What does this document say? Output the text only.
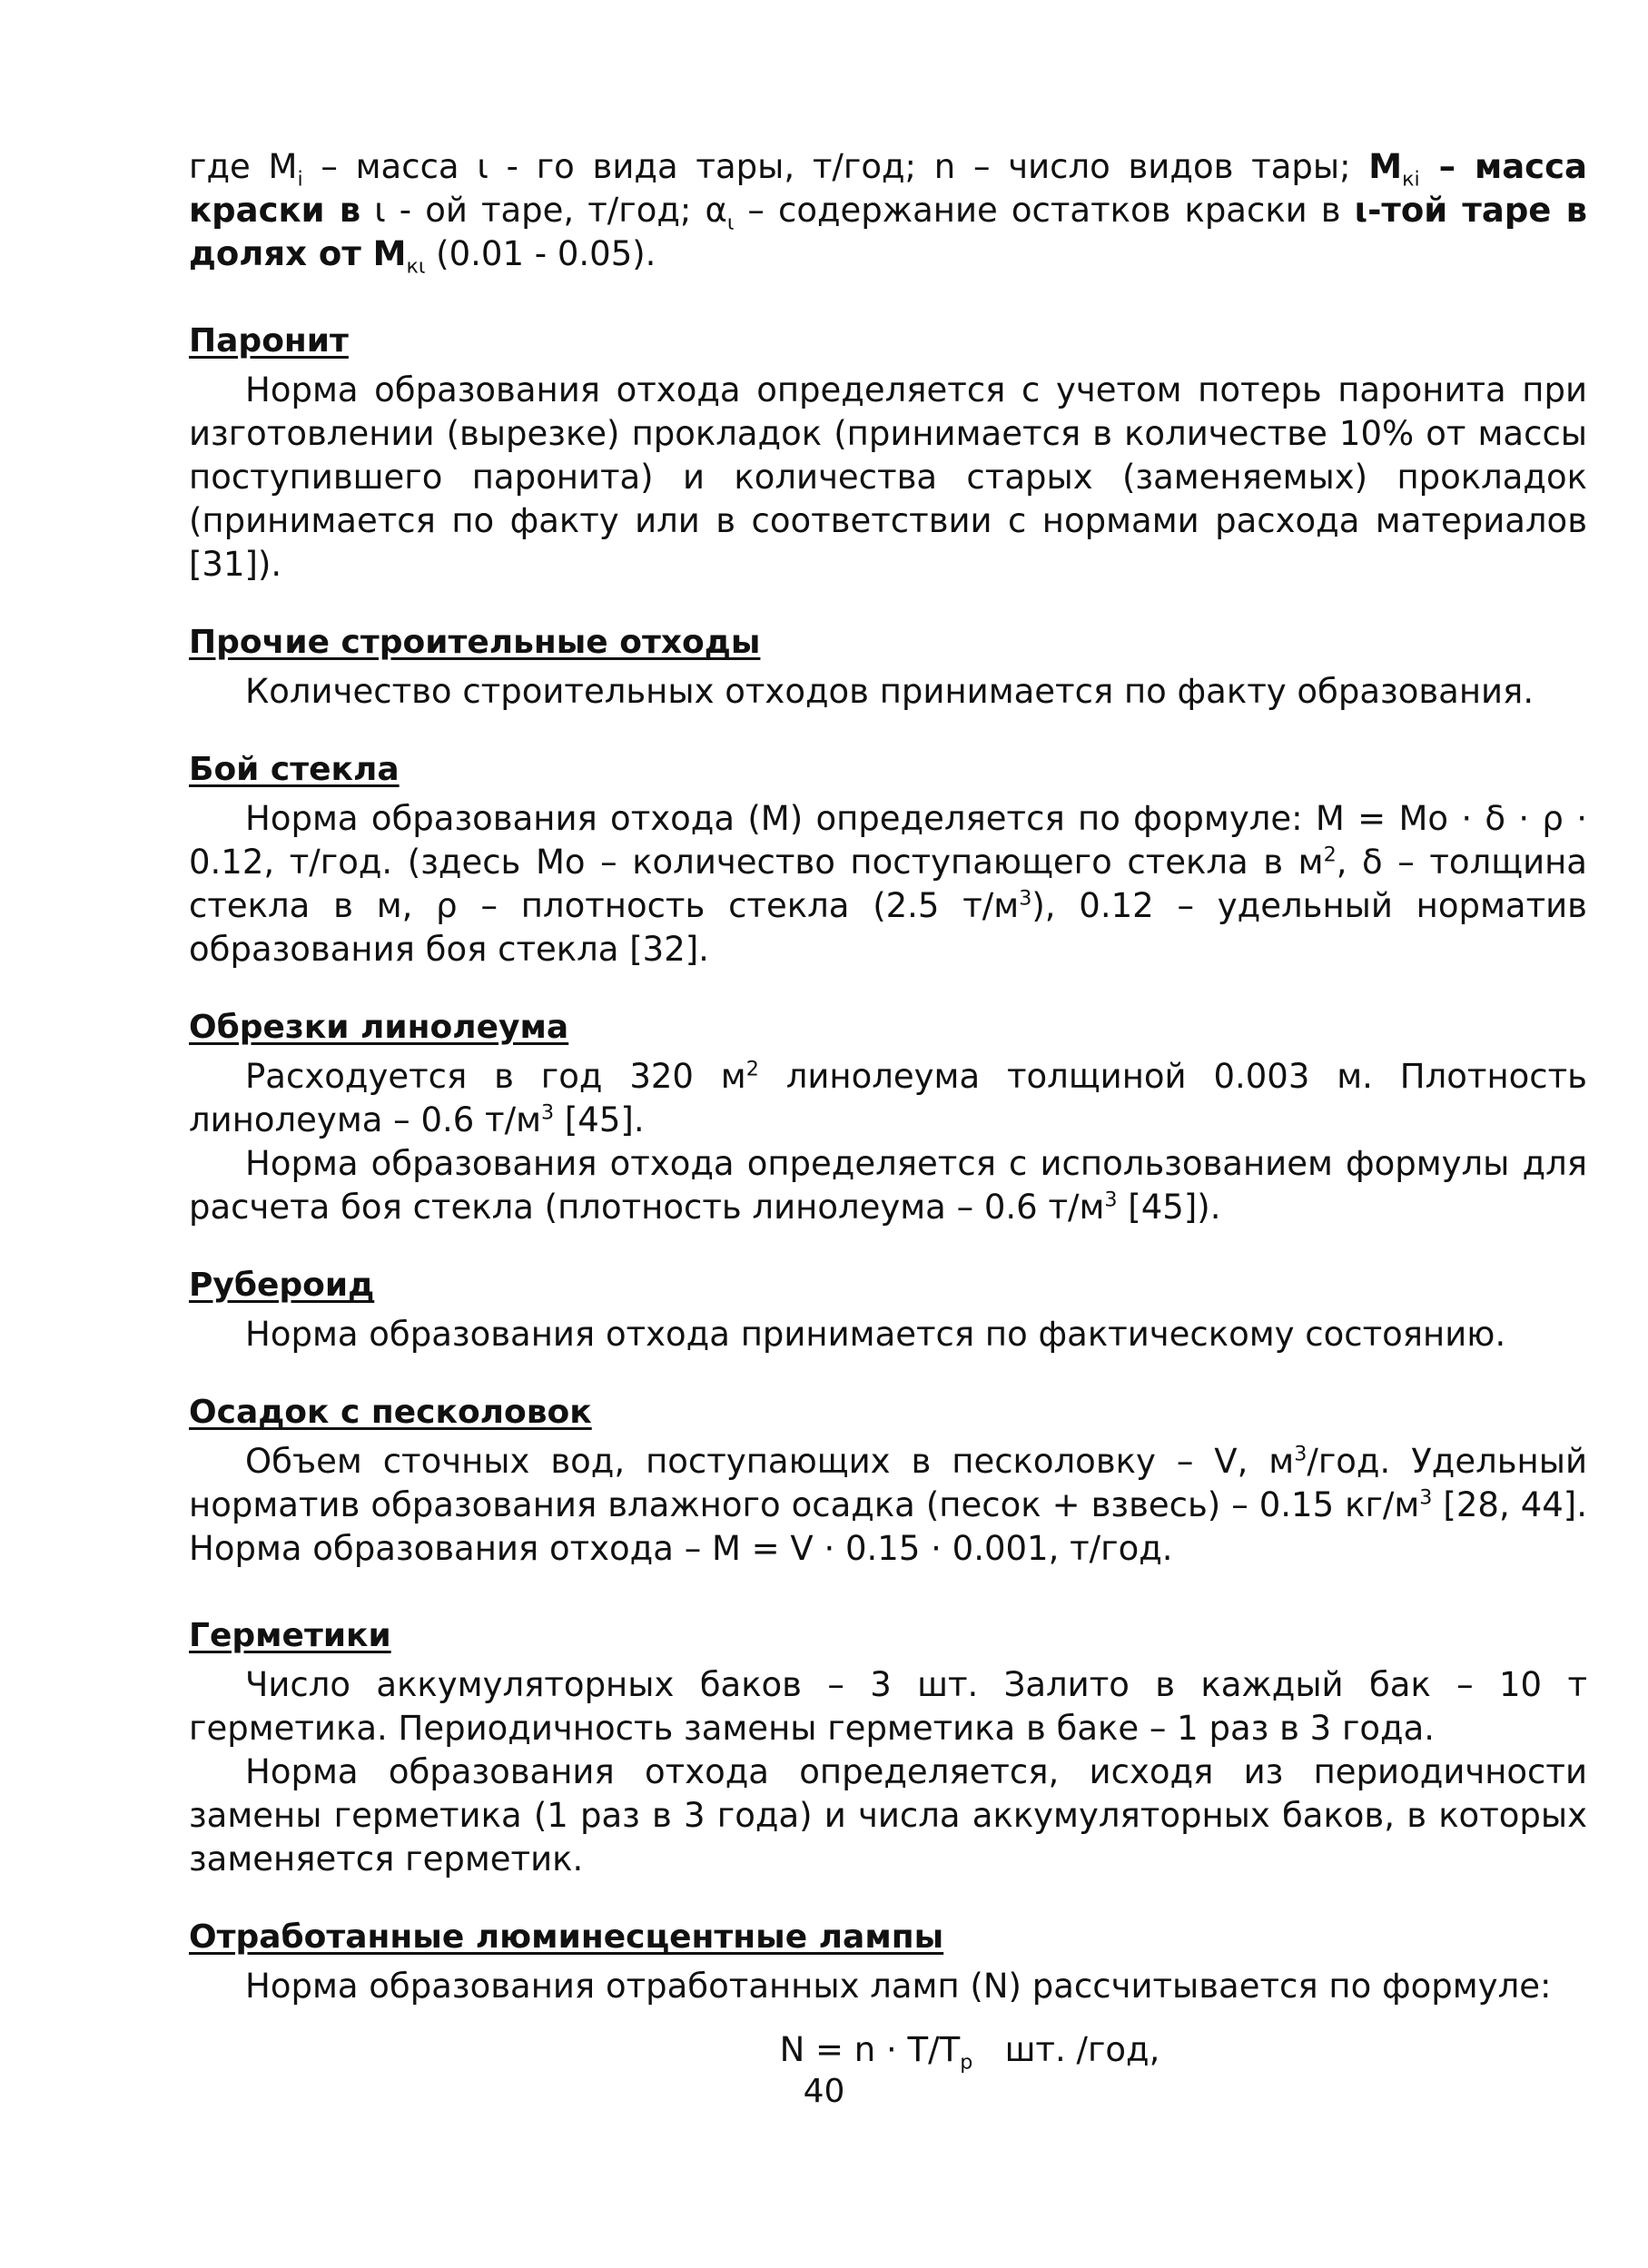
где $M_i$ – масса ι - го вида тары, т/год; n – число видов тары; $M_{кi}$ – масса краски в ι - ой таре, т/год; $\alpha_\iota$ – содержание остатков краски в ι-той таре в долях от $M_{к\iota}$ (0.01 - 0.05).

Паронит

Норма образования отхода определяется с учетом потерь паронита при изготовлении (вырезке) прокладок (принимается в количестве 10% от массы поступившего паронита) и количества старых (заменяемых) прокладок (принимается по факту или в соответствии с нормами расхода материалов [31]).

Прочие строительные отходы

Количество строительных отходов принимается по факту образования.

Бой стекла

Норма образования отхода (M) определяется по формуле: M = Mo · δ · ρ · 0.12, т/год. (здесь Mo – количество поступающего стекла в $м^2$, δ – толщина стекла в м, ρ – плотность стекла (2.5 $т/м^3$), 0.12 – удельный норматив образования боя стекла [32].

Обрезки линолеума

Расходуется в год 320 $м^2$ линолеума толщиной 0.003 м. Плотность линолеума – 0.6 $т/м^3$ [45].

Норма образования отхода определяется с использованием формулы для расчета боя стекла (плотность линолеума – 0.6 $т/м^3$ [45]).

Рубероид

Норма образования отхода принимается по фактическому состоянию.

Осадок с песколовок

Объем сточных вод, поступающих в песколовку – V, $м^3$/год. Удельный норматив образования влажного осадка (песок + взвесь) – 0.15 $кг/м^3$ [28, 44]. Норма образования отхода – M = V · 0.15 · 0.001, т/год.

Герметики

Число аккумуляторных баков – 3 шт. Залито в каждый бак – 10 т герметика. Периодичность замены герметика в баке – 1 раз в 3 года.

Норма образования отхода определяется, исходя из периодичности замены герметика (1 раз в 3 года) и числа аккумуляторных баков, в которых заменяется герметик.

Отработанные люминесцентные лампы

Норма образования отработанных ламп (N) рассчитывается по формуле:

$N = n \cdot T/T_р$   шт. /год,
40
